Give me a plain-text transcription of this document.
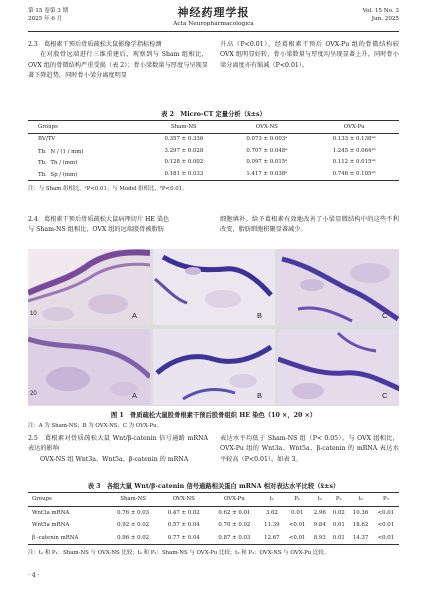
第 15 卷第 3 期
2025 年 6 月	神经药理学报
Acta Neuropharmacologica
Vol. 15 No. 3
Jun. 2025
2.3　葛根素干预后骨质疏松大鼠影像学指标检测
在对股骨远端进行三维重建后，观察到与 Sham 组相比，OVX 组的骨微结构严重受损（表 2）；骨小梁数量与厚度与呈现显著下降趋势，同时骨小梁分离度明显
升高（P<0.01），经葛根素干预后 OVX-Pu 组的骨微结构较 OVX 组明显好转，骨小梁数量与厚度均呈现显著上升，同时骨小梁分离度亦有缩减（P<0.01）。
表 2　Micro-CT 定量分析（x̄±s）
Groups	Sham-NS	OVX-NS	OVX-Pu
BV/TV	0.357 ± 0.336	0.073 ± 0.003ᵃ	0.133 ± 0.138ᵃᵇ
Tb．N / (1 / mm)	3.297 ± 0.028	0.707 ± 0.048ᵃ	1.245 ± 0.064ᵃᵇ
Tb．Th / (mm)	0.128 ± 0.002	0.097 ± 0.015ᵃ	0.112 ± 0.015ᵃᵇ
Tb．Sp / (mm)	0.181 ± 0.033	1.417 ± 0.038ᵃ	0.746 ± 0.105ᵃᵇ
注：与 Sham 组相比，ᵃP<0.01；与 Model 组相比，ᵇP<0.01。
2.4　葛根素干预后骨质疏松大鼠病理切片 HE 染色
与 Sham-NS 组相比，OVX 组的远端股骨被脂肪
细胞填补。给予葛根素有效地改善了小梁显微结构中的这些不利改变，脂肪细胞积聚显著减少。
A	B	C
A	B	C
10
20
图 1　骨质疏松大鼠股骨根素干预后股骨组织 HE 染色（10 ×，20 ×）
注：A 为 Sham-NS；B 为 OVX-NS；C 为 OVX-Pu。
2.5　葛根素对骨质疏松大鼠 Wnt/β-catenin 信号通路 mRNA 表达的影响
OVX-NS 组 Wnt3a、Wnt5a、β-catenin 的 mRNA
表达水平均低于 Sham-NS 组（P< 0.05）。与 OVX 组相比，OVX-Pu 组的 Wnt3a、Wnt5a、β-catenin 的 mRNA 表达水平较高（P<0.01）。如表 3。
表 3　各组大鼠 Wnt/β-catenin 信号通路相关蛋白 mRNA 相对表达水平比较（x̄±s）
Groups	Sham-NS	OVX-NS	OVX-Pu	t₁	P₁	t₂	P₂	t₃	P₃
Wnt3a mRNA	0.76 ± 0.03	0.47 ± 0.02	0.62 ± 0.01	3.62	0.01	2.96	0.02	10.36	<0.01
Wnt5a mRNA	0.92 ± 0.02	0.57 ± 0.04	0.70 ± 0.02	11.39	<0.01	9.84	0.01	18.62	<0.01
β -catenin mRNA	0.96 ± 0.02	0.77 ± 0.04	0.87 ± 0.03	12.67	<0.01	8.93	0.01	14.37	<0.01
注：t₁ 和 P₁：Sham-NS 与 OVX-NS 比较；t₂ 和 P₂：Sham-NS 与 OVX-Pu 比较；t₃ 和 P₃：OVX-NS 与 OVX-Pu 比较。
· 4 ·
